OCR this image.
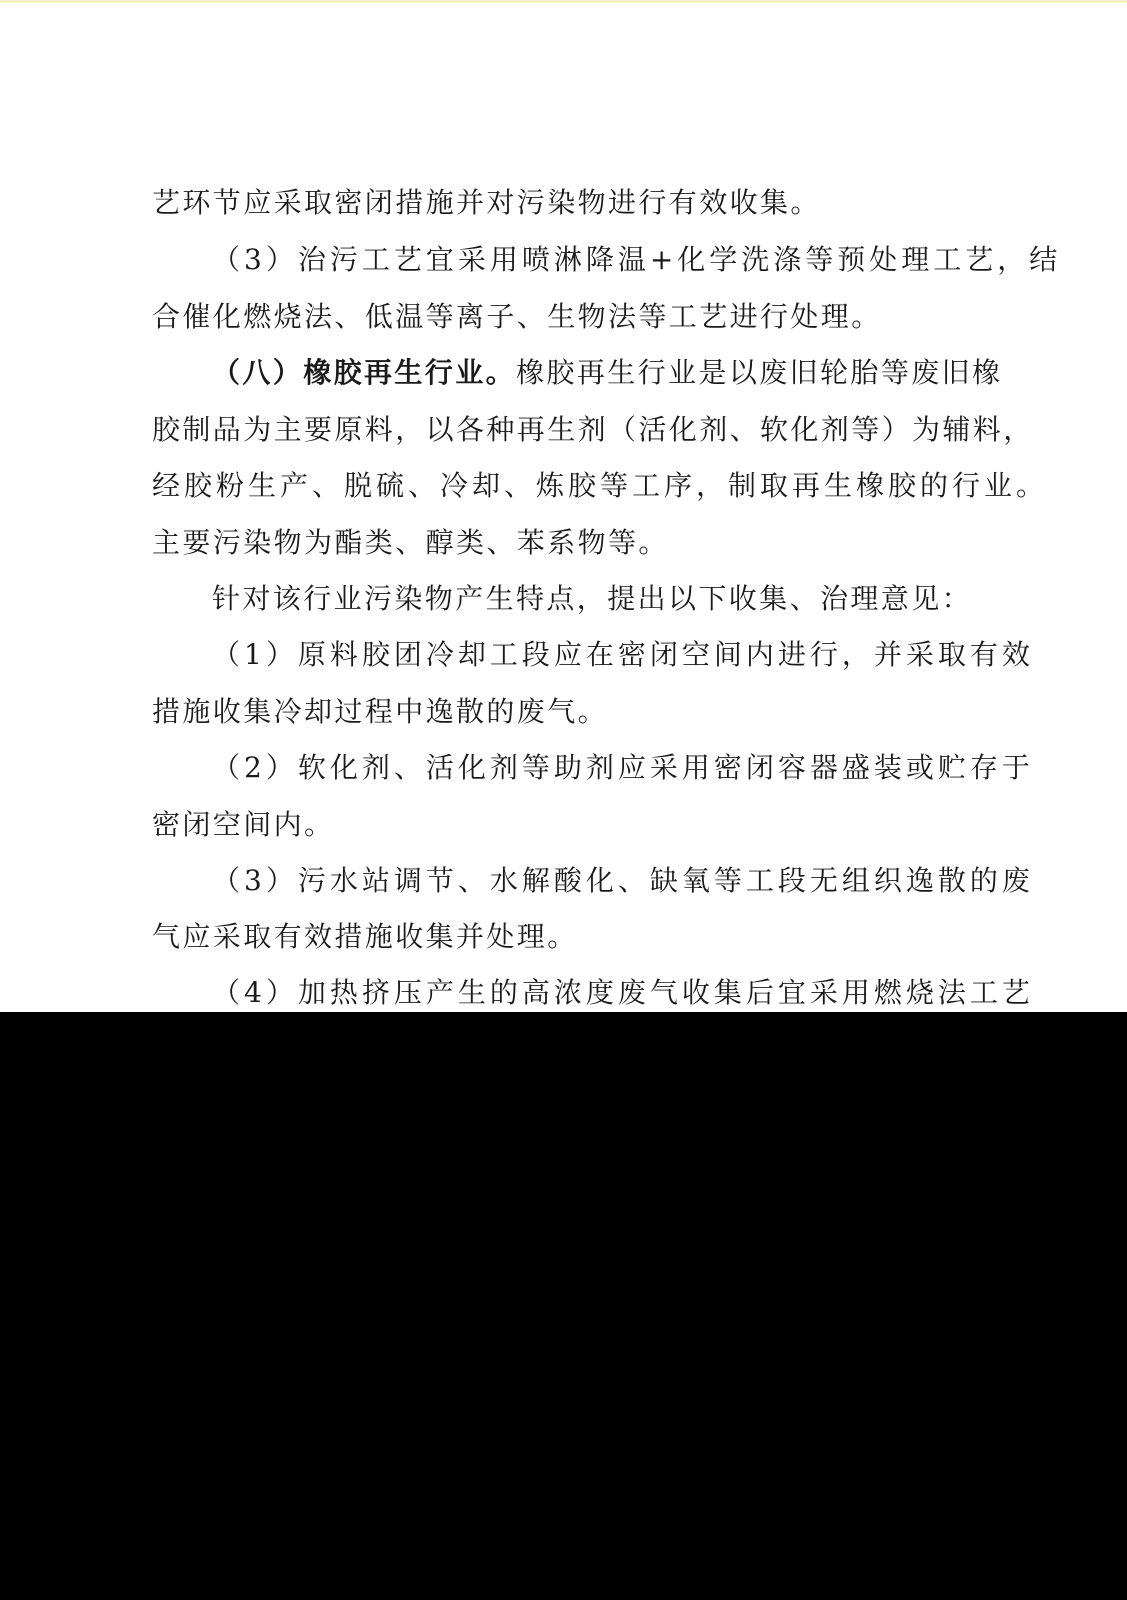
艺环节应采取密闭措施并对污染物进行有效收集。
（3）治污工艺宜采用喷淋降温+化学洗涤等预处理工艺，结
合催化燃烧法、低温等离子、生物法等工艺进行处理。
（八）橡胶再生行业。橡胶再生行业是以废旧轮胎等废旧橡
胶制品为主要原料，以各种再生剂（活化剂、软化剂等）为辅料，
经胶粉生产、脱硫、冷却、炼胶等工序，制取再生橡胶的行业。
主要污染物为酯类、醇类、苯系物等。
针对该行业污染物产生特点，提出以下收集、治理意见：
（1）原料胶团冷却工段应在密闭空间内进行，并采取有效
措施收集冷却过程中逸散的废气。
（2）软化剂、活化剂等助剂应采用密闭容器盛装或贮存于
密闭空间内。
（3）污水站调节、水解酸化、缺氧等工段无组织逸散的废
气应采取有效措施收集并处理。
（4）加热挤压产生的高浓度废气收集后宜采用燃烧法工艺
